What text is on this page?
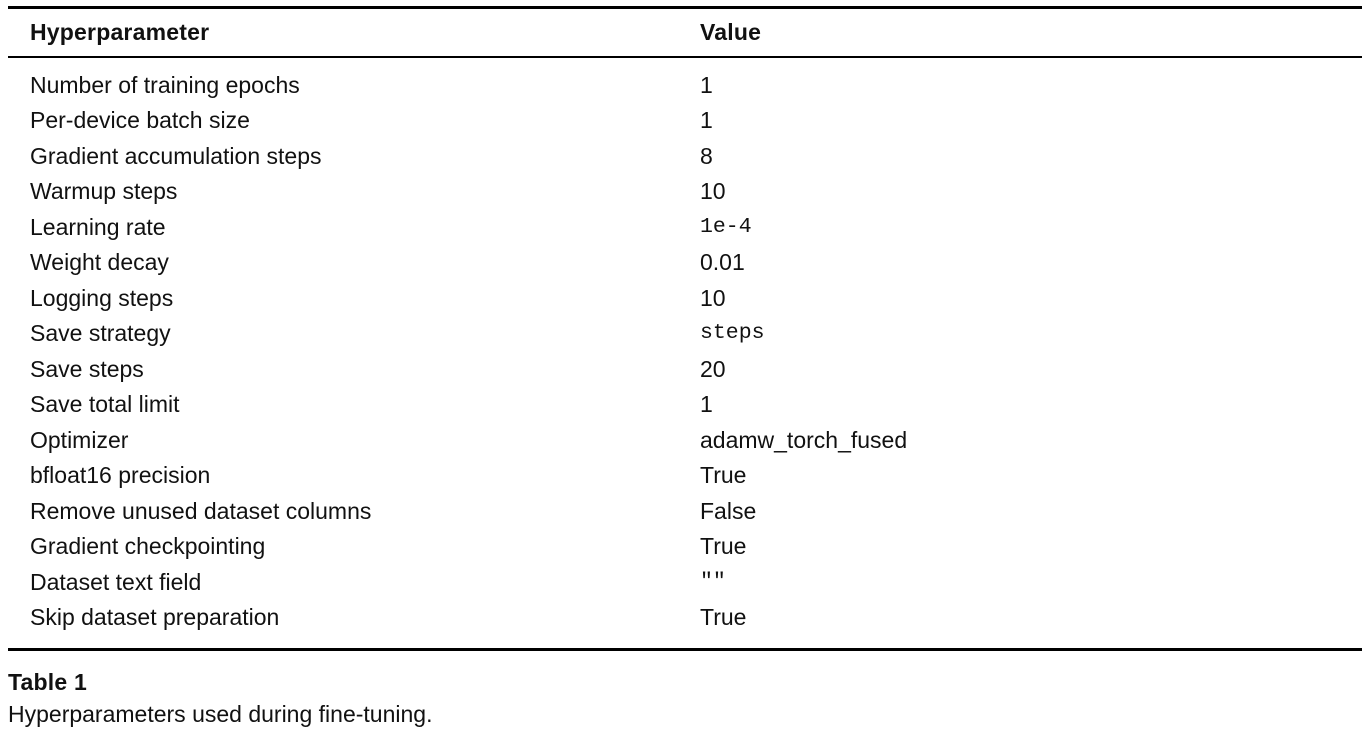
Hyperparameter	Value
Number of training epochs	1
Per-device batch size	1
Gradient accumulation steps	8
Warmup steps	10
Learning rate	1e-4
Weight decay	0.01
Logging steps	10
Save strategy	steps
Save steps	20
Save total limit	1
Optimizer	adamw_torch_fused
bfloat16 precision	True
Remove unused dataset columns	False
Gradient checkpointing	True
Dataset text field	""
Skip dataset preparation	True
Table 1
Hyperparameters used during fine-tuning.
